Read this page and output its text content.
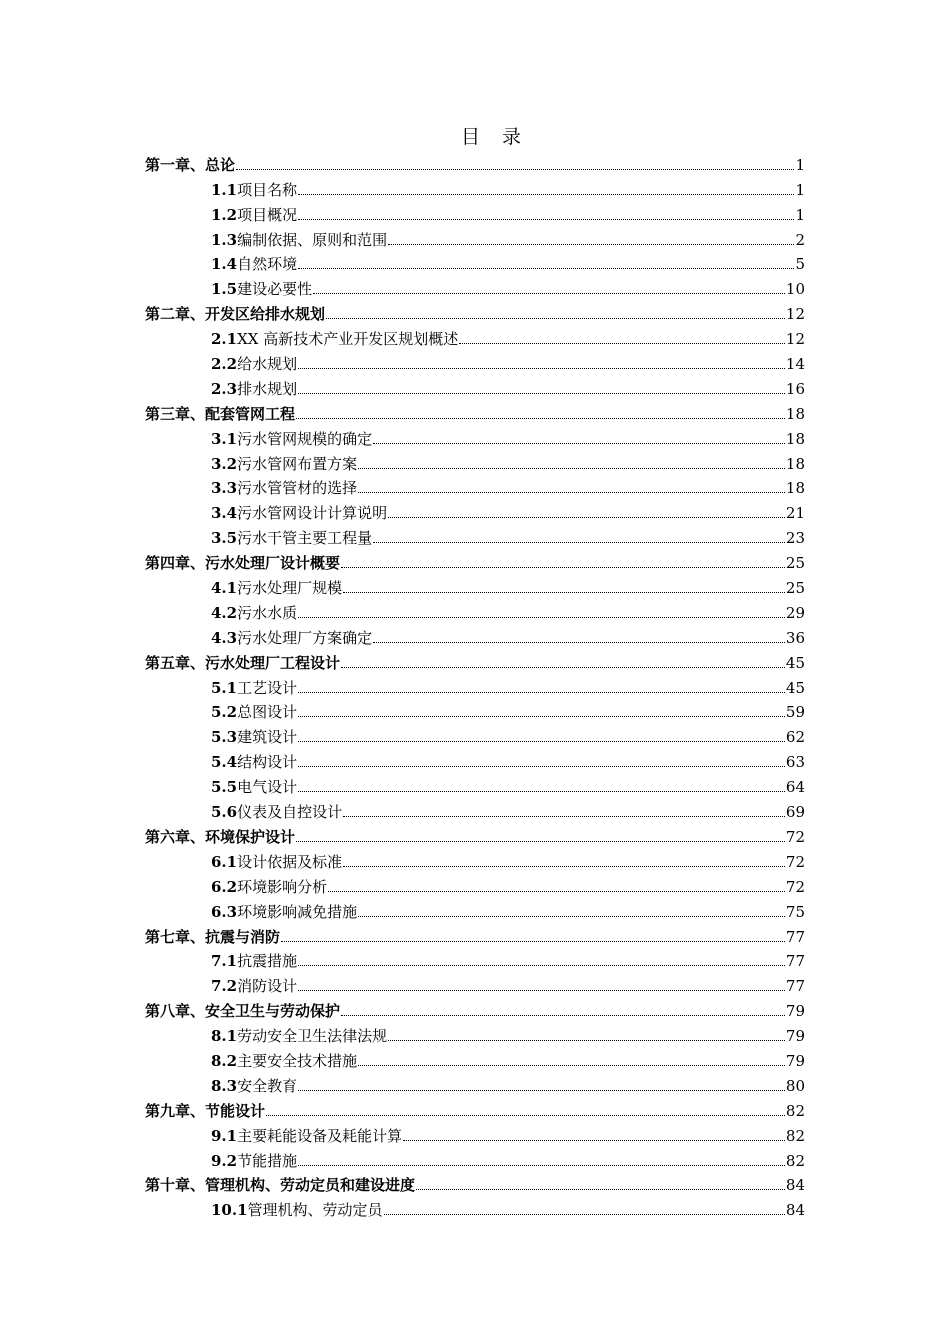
目 录
第一章、总论	1
1.1 项目名称	1
1.2 项目概况	1
1.3 编制依据、原则和范围	2
1.4 自然环境	5
1.5 建设必要性	10
第二章、开发区给排水规划	12
2.1 XX 高新技术产业开发区规划概述	12
2.2 给水规划	14
2.3 排水规划	16
第三章、配套管网工程	18
3.1 污水管网规模的确定	18
3.2 污水管网布置方案	18
3.3 污水管管材的选择	18
3.4 污水管网设计计算说明	21
3.5 污水干管主要工程量	23
第四章、污水处理厂设计概要	25
4.1 污水处理厂规模	25
4.2 污水水质	29
4.3 污水处理厂方案确定	36
第五章、污水处理厂工程设计	45
5.1 工艺设计	45
5.2 总图设计	59
5.3 建筑设计	62
5.4 结构设计	63
5.5 电气设计	64
5.6 仪表及自控设计	69
第六章、环境保护设计	72
6.1 设计依据及标准	72
6.2 环境影响分析	72
6.3 环境影响减免措施	75
第七章、抗震与消防	77
7.1 抗震措施	77
7.2 消防设计	77
第八章、安全卫生与劳动保护	79
8.1 劳动安全卫生法律法规	79
8.2 主要安全技术措施	79
8.3 安全教育	80
第九章、节能设计	82
9.1 主要耗能设备及耗能计算	82
9.2 节能措施	82
第十章、管理机构、劳动定员和建设进度	84
10.1 管理机构、劳动定员	84
